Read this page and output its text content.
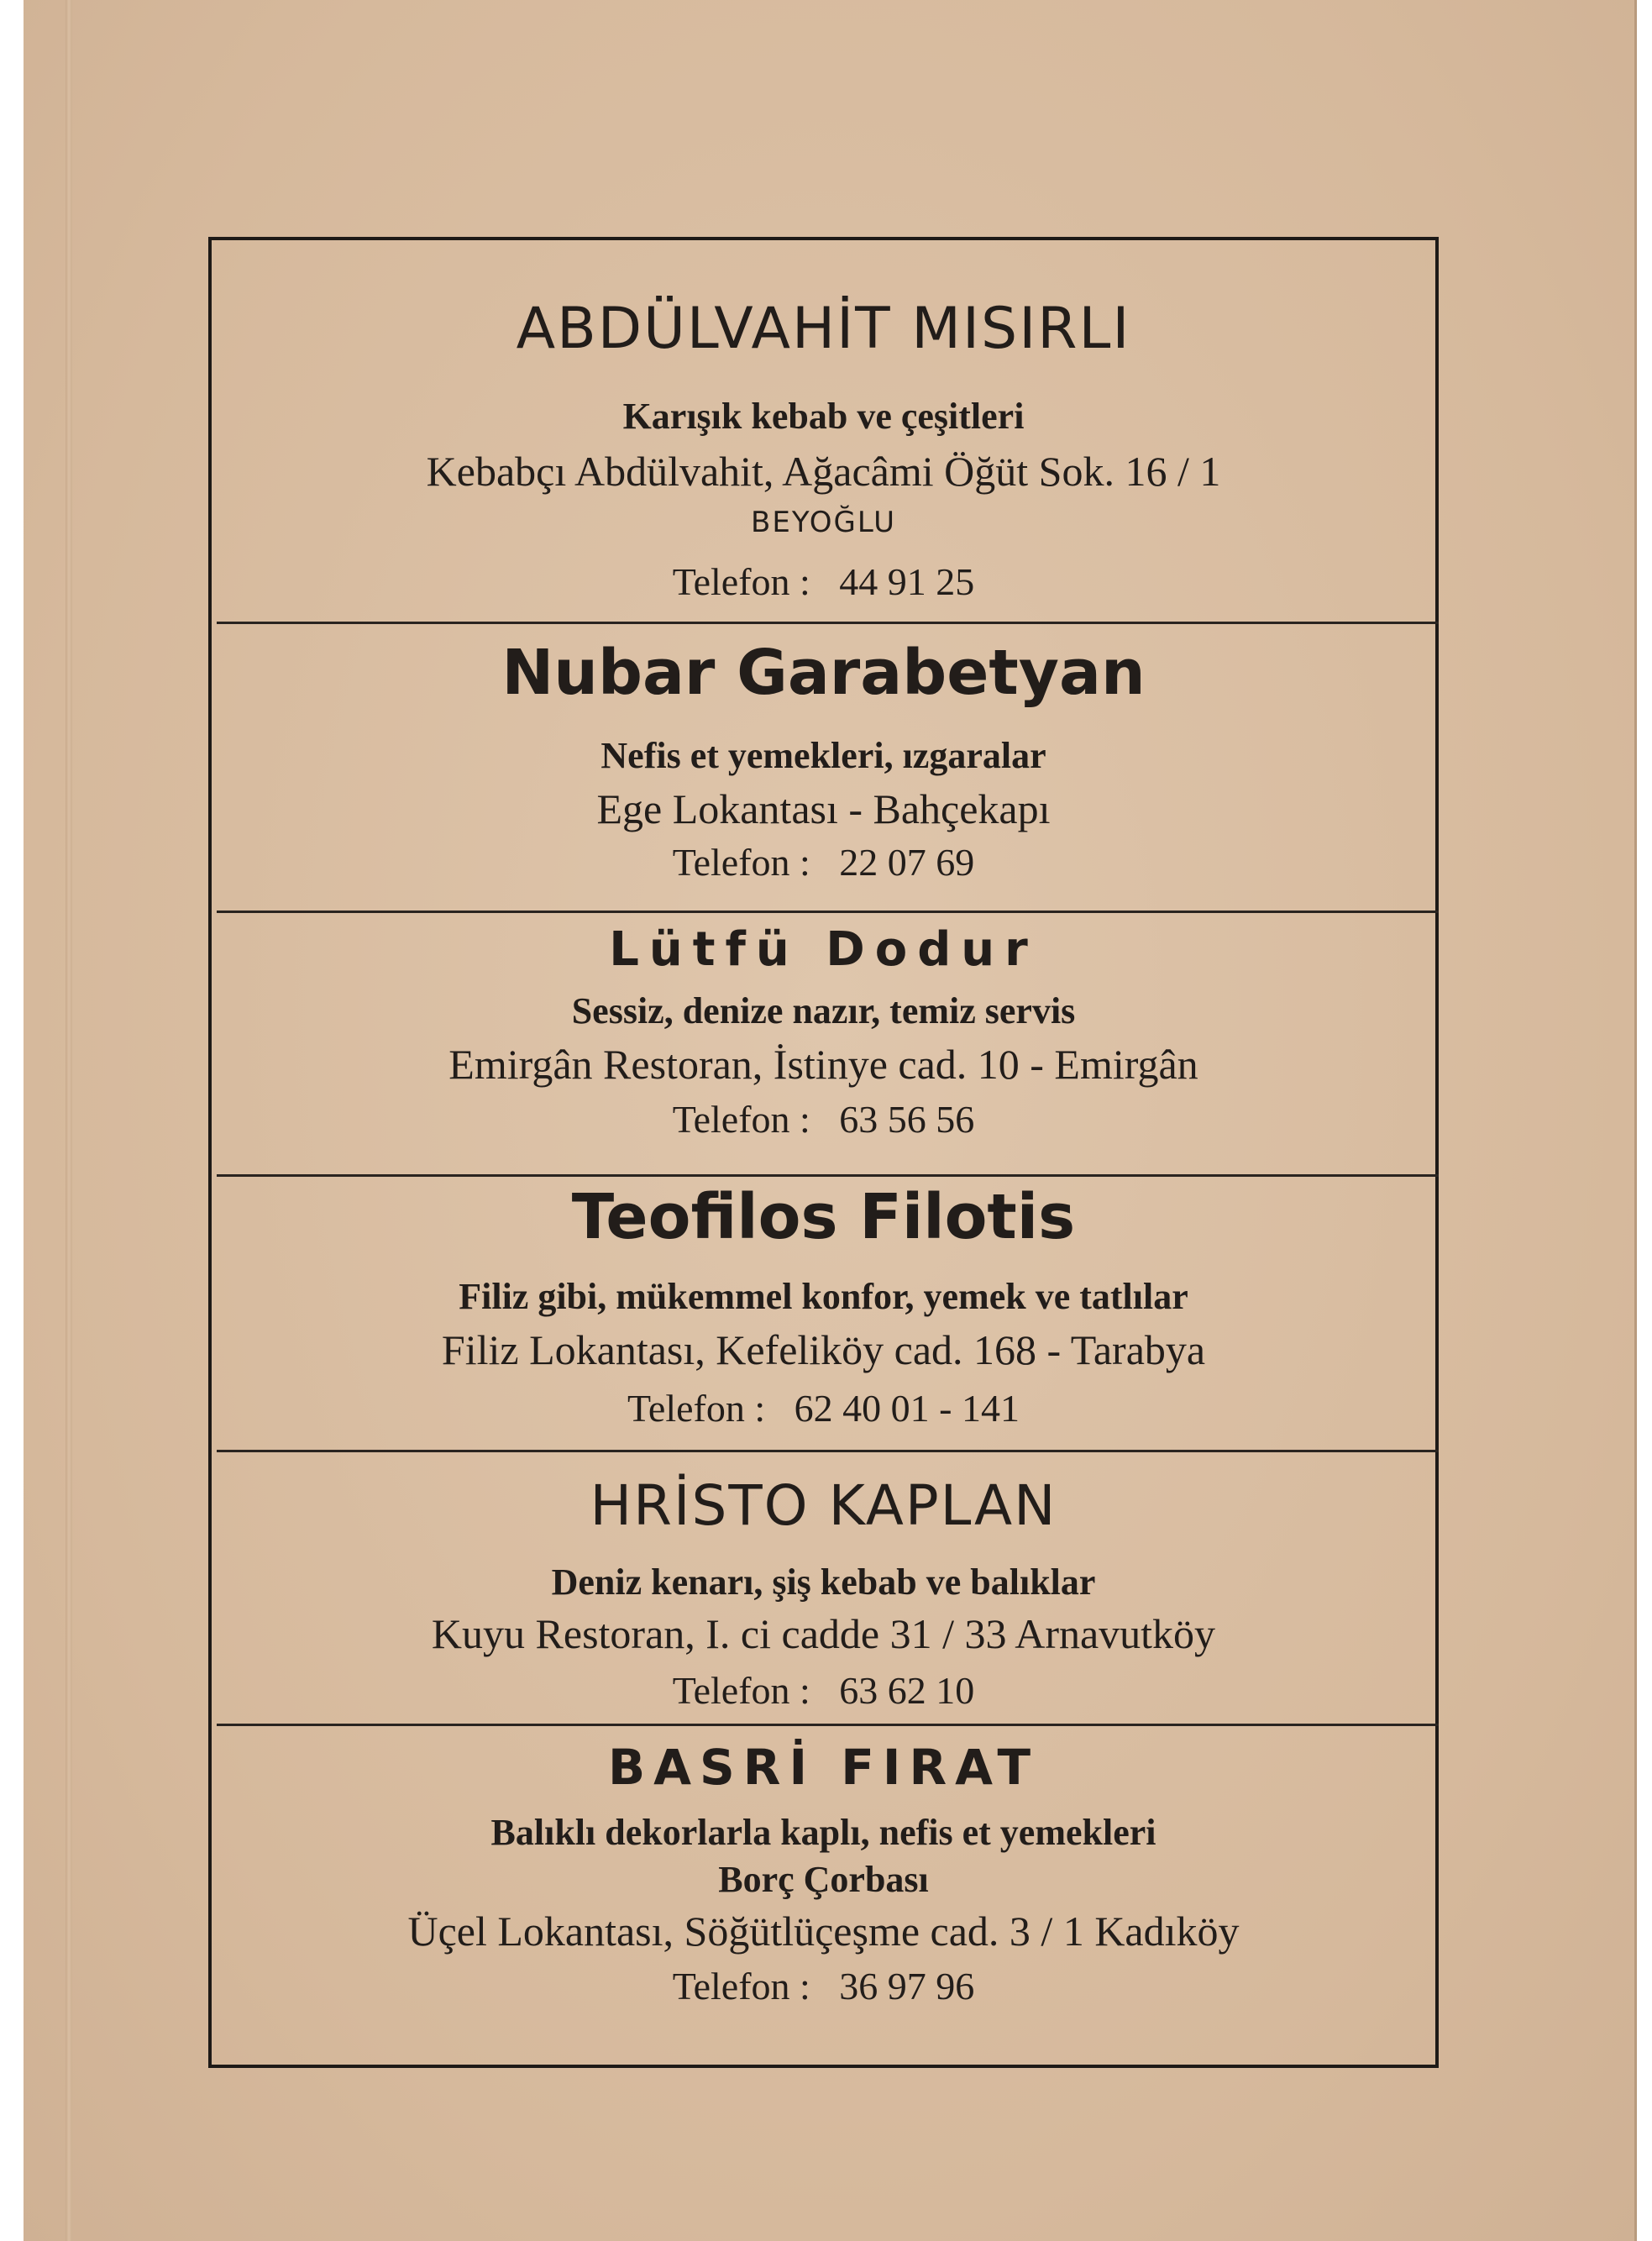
ABDÜLVAHİT MISIRLI
Karışık kebab ve çeşitleri
Kebabçı Abdülvahit, Ağacâmi Öğüt Sok. 16 / 1
BEYOĞLU
Telefon : 44 91 25
Nubar Garabetyan
Nefis et yemekleri, ızgaralar
Ege Lokantası - Bahçekapı
Telefon : 22 07 69
Lütfü Dodur
Sessiz, denize nazır, temiz servis
Emirgân Restoran, İstinye cad. 10 - Emirgân
Telefon : 63 56 56
Teofilos Filotis
Filiz gibi, mükemmel konfor, yemek ve tatlılar
Filiz Lokantası, Kefeliköy cad. 168 - Tarabya
Telefon : 62 40 01 - 141
HRİSTO KAPLAN
Deniz kenarı, şiş kebab ve balıklar
Kuyu Restoran, I. ci cadde 31 / 33 Arnavutköy
Telefon : 63 62 10
BASRİ FIRAT
Balıklı dekorlarla kaplı, nefis et yemekleri
Borç Çorbası
Üçel Lokantası, Söğütlüçeşme cad. 3 / 1 Kadıköy
Telefon : 36 97 96
